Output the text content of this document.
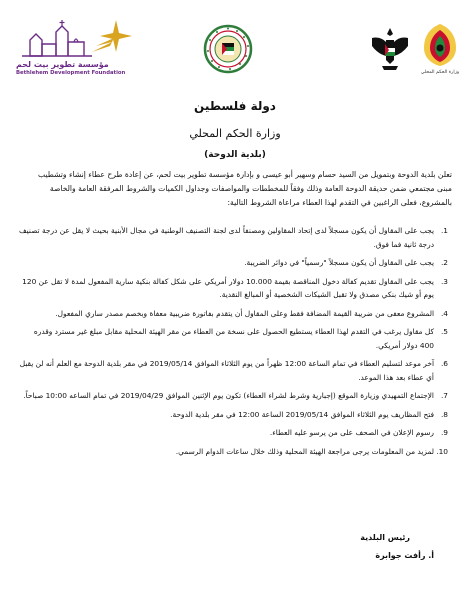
مؤسسة تطوير بيت لحم
Bethlehem Development Foundation	وزارة الحكم المحلي
دولة فلسطين
وزارة الحكم المحلي
(بلدية الدوحة)
تعلن بلدية الدوحة وبتمويل من السيد حسام وسهير أبو عيسى و بإدارة مؤسسة تطوير بيت لحم، عن إعادة طرح عطاء إنشاء وتشطيب مبنى مجتمعي ضمن حديقة الدوحة العامة وذلك وفقاً للمخططات والمواصفات وجداول الكميات والشروط المرفقة العامة والخاصة بالمشروع، فعلى الراغبين في التقدم لهذا العطاء مراعاة الشروط التالية:
1.
يجب على المقاول أن يكون مسجلاً لدى إتحاد المقاولين ومصنفاً لدى لجنة التصنيف الوطنية في مجال الأبنية بحيث لا يقل عن درجة تصنيف درجة ثانية فما فوق.
2.
يجب على المقاول أن يكون مسجلاً "رسمياً" في دوائر الضريبة.
3.
يجب على المقاول تقديم كفالة دخول المناقصة بقيمة 10.000 دولار أمريكي على شكل كفالة بنكية سارية المفعول لمدة لا تقل عن 120 يوم أو شيك بنكي مصدق ولا تقبل الشيكات الشخصية أو المبالغ النقدية.
4.
المشروع معفى من ضريبة القيمة المضافة فقط وعلى المقاول أن يتقدم بفاتورة ضريبية معفاة وبخصم مصدر ساري المفعول.
5.
كل مقاول يرغب في التقدم لهذا العطاء يستطيع الحصول على نسخة من العطاء من مقر الهيئة المحلية مقابل مبلغ غير مسترد وقدره 400 دولار أمريكي.
6.
آخر موعد لتسليم العطاء في تمام الساعة 12:00 ظهراً من يوم الثلاثاء الموافق 2019/05/14 في مقر بلدية الدوحة مع العلم أنه لن يقبل أي عطاء بعد هذا الموعد.
7.
الإجتماع التمهيدي وزيارة الموقع (إجبارية وشرط لشراء العطاء) تكون يوم الإثنين الموافق 2019/04/29 في تمام الساعه 10:00 صباحاً.
8.
فتح المظاريف يوم الثلاثاء الموافق 2019/05/14 الساعة 12:00 في مقر بلدية الدوحة.
9.
رسوم الإعلان في الصحف على من يرسو عليه العطاء.
10.
لمزيد من المعلومات يرجى مراجعة الهيئة المحلية وذلك خلال ساعات الدوام الرسمي.
رئيس البلدية
أ. رأفت جوابرة
